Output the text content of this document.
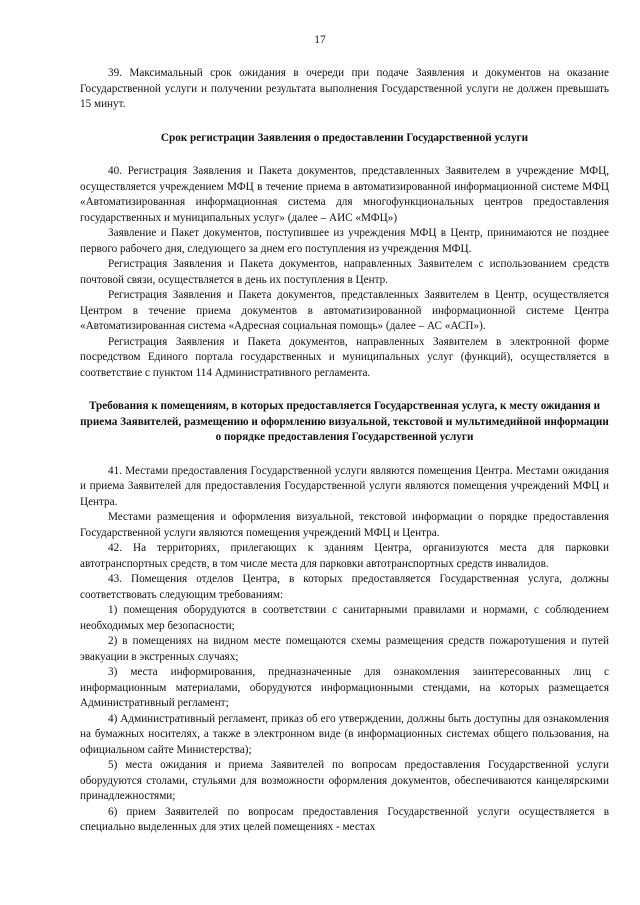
17

39. Максимальный срок ожидания в очереди при подаче Заявления и документов на оказание Государственной услуги и получении результата выполнения Государственной услуги не должен превышать 15 минут.

Срок регистрации Заявления о предоставлении Государственной услуги

40. Регистрация Заявления и Пакета документов, представленных Заявителем в учреждение МФЦ, осуществляется учреждением МФЦ в течение приема в автоматизированной информационной системе МФЦ «Автоматизированная информационная система для многофункциональных центров предоставления государственных и муниципальных услуг» (далее – АИС «МФЦ»)

Заявление и Пакет документов, поступившее из учреждения МФЦ в Центр, принимаются не позднее первого рабочего дня, следующего за днем его поступления из учреждения МФЦ.

Регистрация Заявления и Пакета документов, направленных Заявителем с использованием средств почтовой связи, осуществляется в день их поступления в Центр.

Регистрация Заявления и Пакета документов, представленных Заявителем в Центр, осуществляется Центром в течение приема документов в автоматизированной информационной системе Центра «Автоматизированная система «Адресная социальная помощь» (далее – АС «АСП»).

Регистрация Заявления и Пакета документов, направленных Заявителем в электронной форме посредством Единого портала государственных и муниципальных услуг (функций), осуществляется в соответствие с пунктом 114 Административного регламента.

Требования к помещениям, в которых предоставляется Государственная услуга, к месту ожидания и приема Заявителей, размещению и оформлению визуальной, текстовой и мультимедийной информации о порядке предоставления Государственной услуги

41. Местами предоставления Государственной услуги являются помещения Центра. Местами ожидания и приема Заявителей для предоставления Государственной услуги являются помещения учреждений МФЦ и Центра.

Местами размещения и оформления визуальной, текстовой информации о порядке предоставления Государственной услуги являются помещения учреждений МФЦ и Центра.

42. На территориях, прилегающих к зданиям Центра, организуются места для парковки автотранспортных средств, в том числе места для парковки автотранспортных средств инвалидов.

43. Помещения отделов Центра, в которых предоставляется Государственная услуга, должны соответствовать следующим требованиям:

1) помещения оборудуются в соответствии с санитарными правилами и нормами, с соблюдением необходимых мер безопасности;

2) в помещениях на видном месте помещаются схемы размещения средств пожаротушения и путей эвакуации в экстренных случаях;

3) места информирования, предназначенные для ознакомления заинтересованных лиц с информационным материалами, оборудуются информационными стендами, на которых размещается Административный регламент;

4) Административный регламент, приказ об его утверждении, должны быть доступны для ознакомления на бумажных носителях, а также в электронном виде (в информационных системах общего пользования, на официальном сайте Министерства);

5) места ожидания и приема Заявителей по вопросам предоставления Государственной услуги оборудуются столами, стульями для возможности оформления документов, обеспечиваются канцелярскими принадлежностями;

6) прием Заявителей по вопросам предоставления Государственной услуги осуществляется в специально выделенных для этих целей помещениях - местах
